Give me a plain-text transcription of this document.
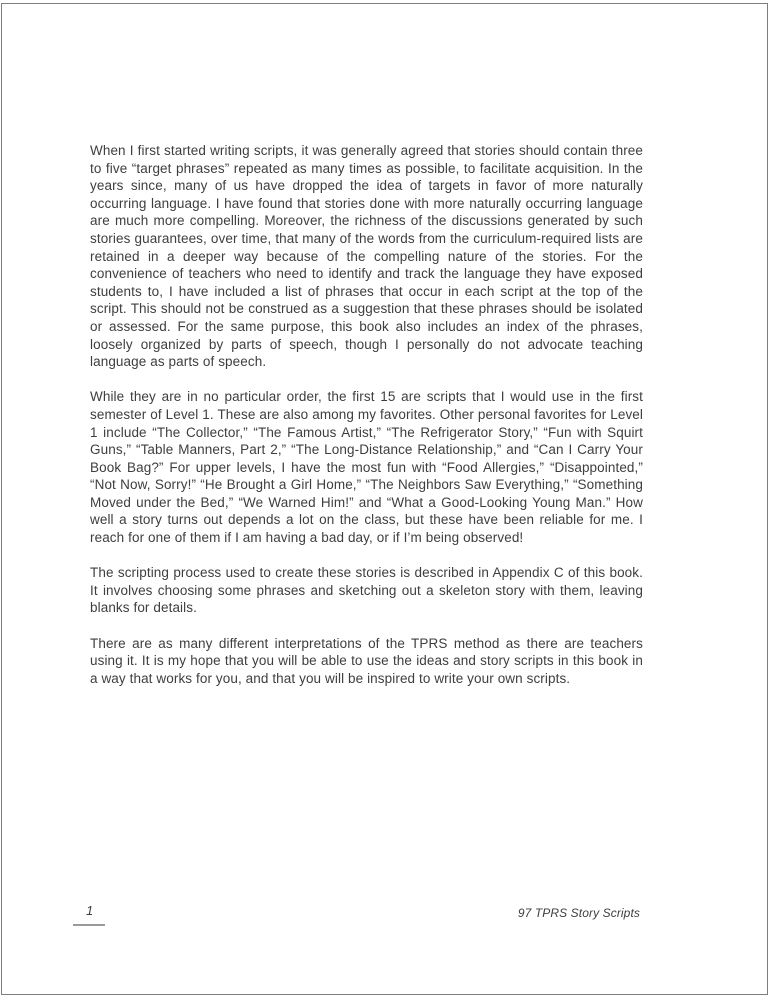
When I first started writing scripts, it was generally agreed that stories should contain three to five “target phrases” repeated as many times as possible, to facilitate acquisition. In the years since, many of us have dropped the idea of targets in favor of more naturally occurring language. I have found that stories done with more naturally occurring language are much more compelling. Moreover, the richness of the discussions generated by such stories guarantees, over time, that many of the words from the curriculum-required lists are retained in a deeper way because of the compelling nature of the stories. For the convenience of teachers who need to identify and track the language they have exposed students to, I have included a list of phrases that occur in each script at the top of the script. This should not be construed as a suggestion that these phrases should be isolated or assessed. For the same purpose, this book also includes an index of the phrases, loosely organized by parts of speech, though I personally do not advocate teaching language as parts of speech.

While they are in no particular order, the first 15 are scripts that I would use in the first semester of Level 1. These are also among my favorites. Other personal favorites for Level 1 include “The Collector,” “The Famous Artist,” “The Refrigerator Story,” “Fun with Squirt Guns,” “Table Manners, Part 2,” “The Long-Distance Relationship,” and “Can I Carry Your Book Bag?” For upper levels, I have the most fun with “Food Allergies,” “Disappointed,” “Not Now, Sorry!” “He Brought a Girl Home,” “The Neighbors Saw Everything,” “Something Moved under the Bed,” “We Warned Him!” and “What a Good-Looking Young Man.” How well a story turns out depends a lot on the class, but these have been reliable for me. I reach for one of them if I am having a bad day, or if I’m being observed!

The scripting process used to create these stories is described in Appendix C of this book. It involves choosing some phrases and sketching out a skeleton story with them, leaving blanks for details.

There are as many different interpretations of the TPRS method as there are teachers using it. It is my hope that you will be able to use the ideas and story scripts in this book in a way that works for you, and that you will be inspired to write your own scripts.

1	97 TPRS Story Scripts
